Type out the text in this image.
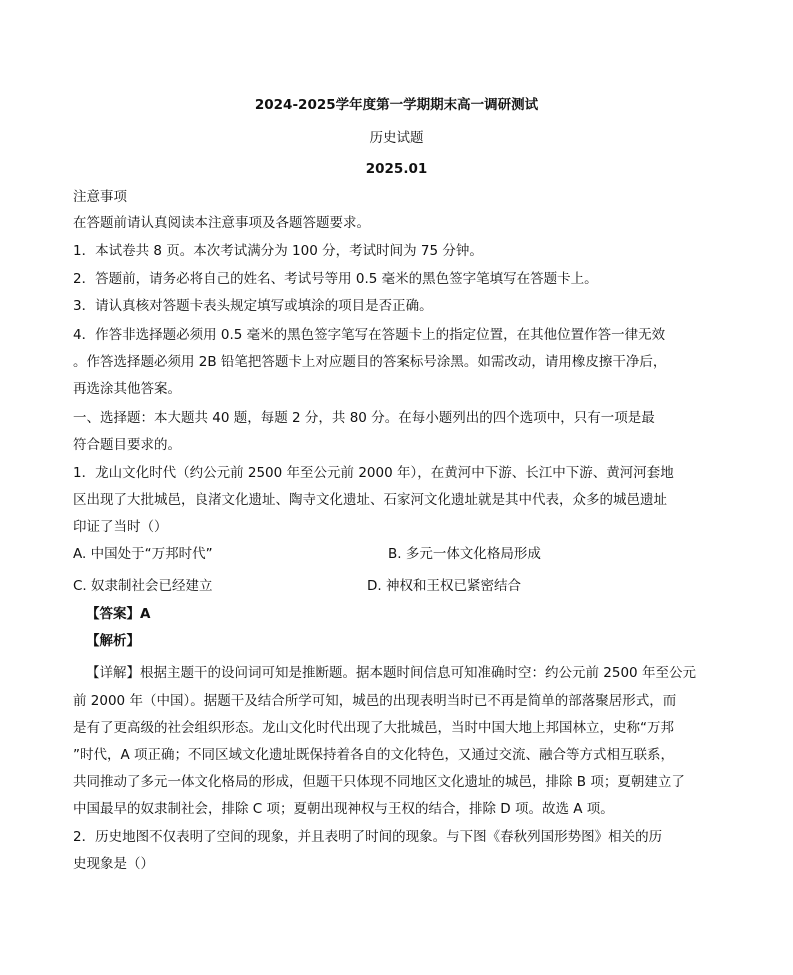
2024-2025学年度第一学期期末高一调研测试
历史试题
2025.01
注意事项
在答题前请认真阅读本注意事项及各题答题要求。
1．本试卷共 8 页。本次考试满分为 100 分，考试时间为 75 分钟。
2．答题前，请务必将自己的姓名、考试号等用 0.5 毫米的黑色签字笔填写在答题卡上。
3．请认真核对答题卡表头规定填写或填涂的项目是否正确。
4．作答非选择题必须用 0.5 毫米的黑色签字笔写在答题卡上的指定位置，在其他位置作答一律无效
。作答选择题必须用 2B 铅笔把答题卡上对应题目的答案标号涂黑。如需改动，请用橡皮擦干净后，
再选涂其他答案。
一、选择题：本大题共 40 题，每题 2 分，共 80 分。在每小题列出的四个选项中，只有一项是最
符合题目要求的。
1．龙山文化时代（约公元前 2500 年至公元前 2000 年），在黄河中下游、长江中下游、黄河河套地
区出现了大批城邑，良渚文化遗址、陶寺文化遗址、石家河文化遗址就是其中代表，众多的城邑遗址
印证了当时（）
A. 中国处于“万邦时代”	B. 多元一体文化格局形成
C. 奴隶制社会已经建立	D. 神权和王权已紧密结合
【答案】A
【解析】
【详解】根据主题干的设问词可知是推断题。据本题时间信息可知准确时空：约公元前 2500 年至公元
前 2000 年（中国）。据题干及结合所学可知，城邑的出现表明当时已不再是简单的部落聚居形式，而
是有了更高级的社会组织形态。龙山文化时代出现了大批城邑，当时中国大地上邦国林立，史称“万邦
”时代，A 项正确；不同区域文化遗址既保持着各自的文化特色，又通过交流、融合等方式相互联系，
共同推动了多元一体文化格局的形成，但题干只体现不同地区文化遗址的城邑，排除 B 项；夏朝建立了
中国最早的奴隶制社会，排除 C 项；夏朝出现神权与王权的结合，排除 D 项。故选 A 项。
2．历史地图不仅表明了空间的现象，并且表明了时间的现象。与下图《春秋列国形势图》相关的历
史现象是（）
